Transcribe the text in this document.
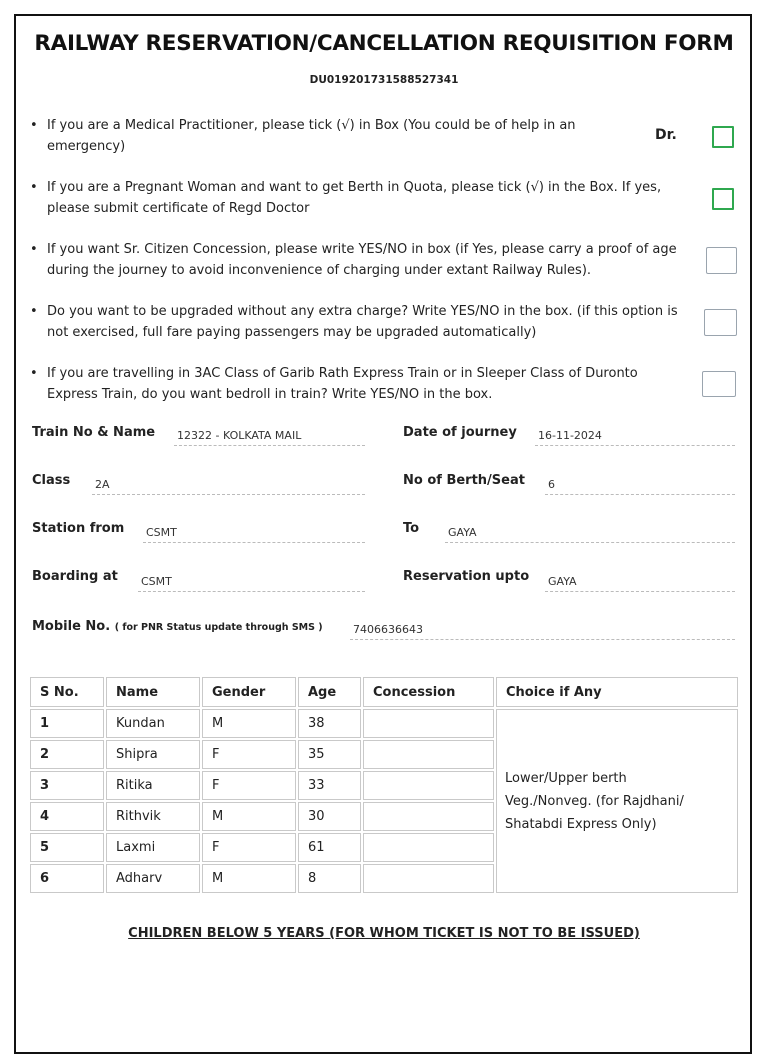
RAILWAY RESERVATION/CANCELLATION REQUISITION FORM
DU019201731588527341
• If you are a Medical Practitioner, please tick (√) in Box (You could be of help in an emergency)
Dr.
• If you are a Pregnant Woman and want to get Berth in Quota, please tick (√) in the Box. If yes, please submit certificate of Regd Doctor
• If you want Sr. Citizen Concession, please write YES/NO in box (if Yes, please carry a proof of age during the journey to avoid inconvenience of charging under extant Railway Rules).
• Do you want to be upgraded without any extra charge? Write YES/NO in the box. (if this option is not exercised, full fare paying passengers may be upgraded automatically)
• If you are travelling in 3AC Class of Garib Rath Express Train or in Sleeper Class of Duronto Express Train, do you want bedroll in train? Write YES/NO in the box.
Train No & Name 12322 - KOLKATA MAIL	Date of journey 16-11-2024
Class 2A	No of Berth/Seat 6
Station from CSMT	To	GAYA
Boarding at CSMT	Reservation upto GAYA
Mobile No. ( for PNR Status update through SMS )	7406636643
S No.	Name	Gender	Age	Concession	Choice if Any
1	Kundan	M	38		Lower/Upper berth
Veg./Nonveg. (for Rajdhani/
Shatabdi Express Only)

2	Shipra	F	35		
3	Ritika	F	33		
4	Rithvik	M	30		
5	Laxmi	F	61		
6	Adharv	M	8		
CHILDREN BELOW 5 YEARS (FOR WHOM TICKET IS NOT TO BE ISSUED)
